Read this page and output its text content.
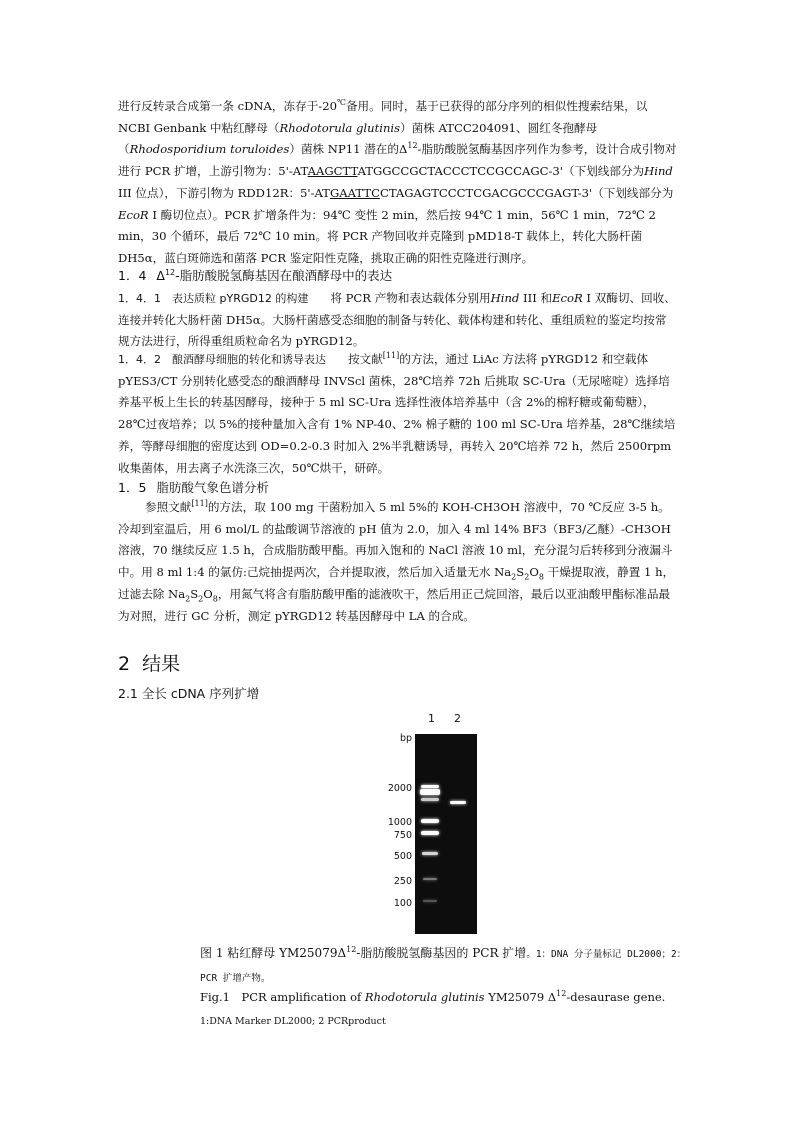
进行反转录合成第一条 cDNA，冻存于-20℃备用。同时，基于已获得的部分序列的相似性搜索结果，以 NCBI Genbank 中粘红酵母（Rhodotorula glutinis）菌株 ATCC204091、圆红冬孢酵母（Rhodosporidium toruloides）菌株 NP11 潜在的$\Delta^{12}-$脂肪酸脱氢酶基因序列作为参考，设计合成引物对进行 PCR 扩增，上游引物为：5'-ATAAGCTTATGGCCGCTACCCTCCGCCAGC-3'（下划线部分为Hind III 位点），下游引物为 RDD12R：5'-ATGAATTCCTAGAGTCCCTCGACGCCCGAGT-3'（下划线部分为EcoR I 酶切位点）。PCR 扩增条件为：94℃ 变性 2 min，然后按 94℃ 1 min，56℃ 1 min，72℃ 2 min，30 个循环，最后 72℃ 10 min。将 PCR 产物回收并克隆到 pMD18-T 载体上，转化大肠杆菌 DH5α，蓝白斑筛选和菌落 PCR 鉴定阳性克隆，挑取正确的阳性克隆进行测序。

1．4 $\Delta^{12}-$脂肪酸脱氢酶基因在酿酒酵母中的表达

1．4．1　表达质粒 pYRGD12 的构建 将 PCR 产物和表达载体分别用Hind III 和EcoR I 双酶切、回收、连接并转化大肠杆菌 DH5α。大肠杆菌感受态细胞的制备与转化、载体构建和转化、重组质粒的鉴定均按常规方法进行，所得重组质粒命名为 pYRGD12。

1．4．2　酿酒酵母细胞的转化和诱导表达 按文献[11]的方法，通过 LiAc 方法将 pYRGD12 和空载体 pYES3/CT 分别转化感受态的酿酒酵母 INVScl 菌株，28℃培养 72h 后挑取 SC-Ura（无尿嘧啶）选择培养基平板上生长的转基因酵母，接种于 5 ml SC-Ura 选择性液体培养基中（含 2%的棉籽糖或葡萄糖），28℃过夜培养；以 5%的接种量加入含有 1% NP-40、2% 棉子糖的 100 ml SC-Ura 培养基，28℃继续培养，等酵母细胞的密度达到 OD=0.2-0.3 时加入 2%半乳糖诱导，再转入 20℃培养 72 h，然后 2500rpm 收集菌体，用去离子水洗涤三次，50℃烘干，研碎。

1．5 脂肪酸气象色谱分析

参照文献[11]的方法，取 100 mg 干菌粉加入 5 ml 5%的 KOH-CH3OH 溶液中，70 ℃反应 3-5 h。冷却到室温后，用 6 mol/L 的盐酸调节溶液的 pH 值为 2.0，加入 4 ml 14% BF3（BF3/乙醚）-CH3OH 溶液，70 继续反应 1.5 h，合成脂肪酸甲酯。再加入饱和的 NaCl 溶液 10 ml，充分混匀后转移到分液漏斗中。用 8 ml 1:4 的氯仿:己烷抽提两次，合并提取液，然后加入适量无水 $Na_2S_2O_8$ 干燥提取液，静置 1 h，过滤去除 $Na_2S_2O_8$，用氮气将含有脂肪酸甲酯的滤液吹干，然后用正己烷回溶，最后以亚油酸甲酯标准品最为对照，进行 GC 分析，测定 pYRGD12 转基因酵母中 LA 的合成。

2 结果

2.1 全长 cDNA 序列扩增

1 2
bp
2000
1000
750
500
250
100

图 1 粘红酵母 $YM25079\Delta^{12}-$脂肪酸脱氢酶基因的 PCR 扩增。1：DNA 分子量标记 DL2000；2：PCR 扩增产物。

Fig.1　PCR amplification of Rhodotorula glutinis YM25079 $\Delta^{12}$-desaurase gene. 1:DNA Marker DL2000; 2 PCRproduct
